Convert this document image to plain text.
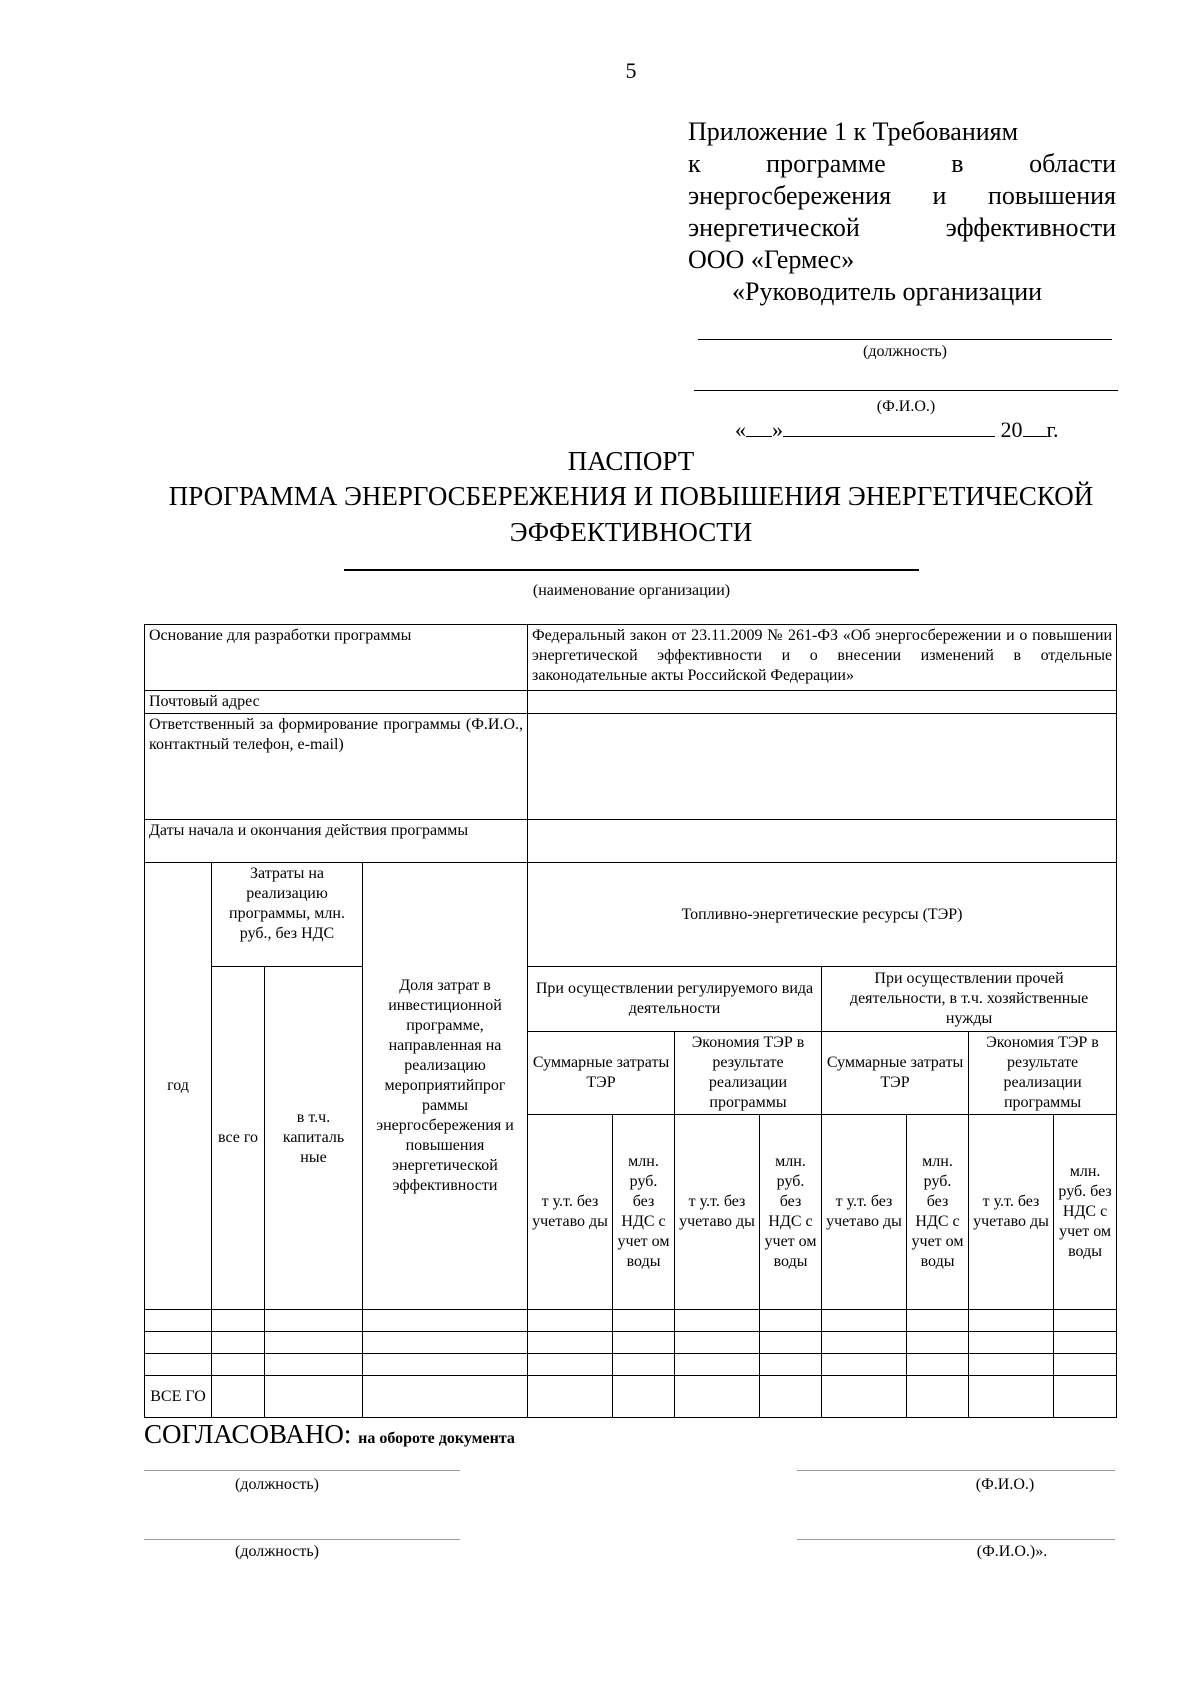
5
Приложение 1 к Требованиям
к программе в области
энергосбережения и повышения
энергетической эффективности
ООО «Гермес»
«Руководитель организации
(должность)
(Ф.И.О.)
« »	20 г.
ПАСПОРТ
ПРОГРАММА ЭНЕРГОСБЕРЕЖЕНИЯ И ПОВЫШЕНИЯ ЭНЕРГЕТИЧЕСКОЙ
ЭФФЕКТИВНОСТИ
(наименование организации)
Основание для разработки программы				Федеральный закон от 23.11.2009 № 261-ФЗ «Об энергосбережении и о повышении энергетической эффективности и о внесении изменений в отдельные законодательные акты Российской Федерации»							
Почтовый адрес											
Ответственный за формирование программы (Ф.И.О., контактный телефон, e-mail)											
Даты начала и окончания действия программы											
год	Затраты на реализацию программы, млн. руб., без НДС		Доля затрат в инвестиционной программе, направленная на реализацию мероприятийпрог раммы энергосбережения и повышения энергетической эффективности	Топливно-энергетические ресурсы (ТЭР)							
	все го	в т.ч. капиталь ные		При осуществлении регулируемого вида деятельности				При осуществлении прочей деятельности, в т.ч. хозяйственные нужды			
				Суммарные затраты ТЭР		Экономия ТЭР в результате реализации программы		Суммарные затраты ТЭР		Экономия ТЭР в результате реализации программы	
				т у.т. без учетаво ды	млн. руб. без НДС с учет ом воды	т у.т. без учетаво ды	млн. руб. без НДС с учет ом воды	т у.т. без учетаво ды	млн. руб. без НДС с учет ом воды	т у.т. без учетаво ды	млн. руб. без НДС с учет ом воды

ВСЕ ГО											
СОГЛАСОВАНО: на обороте документа
(должность)	(Ф.И.О.)
(должность)	(Ф.И.О.)».
